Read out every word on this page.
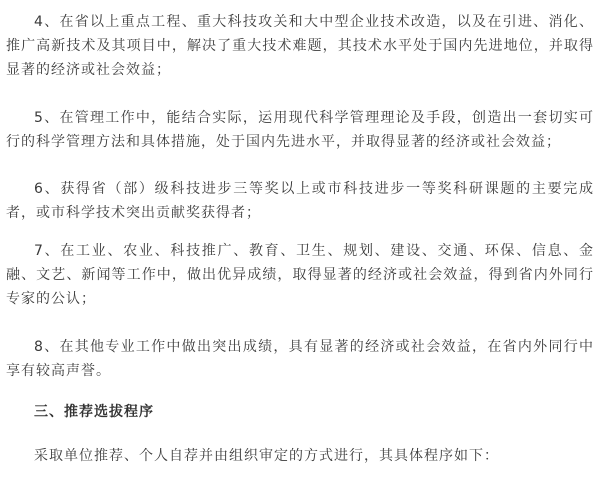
4、在省以上重点工程、重大科技攻关和大中型企业技术改造，以及在引进、消化、推广高新技术及其项目中，解决了重大技术难题，其技术水平处于国内先进地位，并取得显著的经济或社会效益；

5、在管理工作中，能结合实际，运用现代科学管理理论及手段，创造出一套切实可行的科学管理方法和具体措施，处于国内先进水平，并取得显著的经济或社会效益；

6、获得省（部）级科技进步三等奖以上或市科技进步一等奖科研课题的主要完成者，或市科学技术突出贡献奖获得者；

7、在工业、农业、科技推广、教育、卫生、规划、建设、交通、环保、信息、金融、文艺、新闻等工作中，做出优异成绩，取得显著的经济或社会效益，得到省内外同行专家的公认；

8、在其他专业工作中做出突出成绩，具有显著的经济或社会效益，在省内外同行中享有较高声誉。

三、推荐选拔程序

采取单位推荐、个人自荐并由组织审定的方式进行，其具体程序如下：
